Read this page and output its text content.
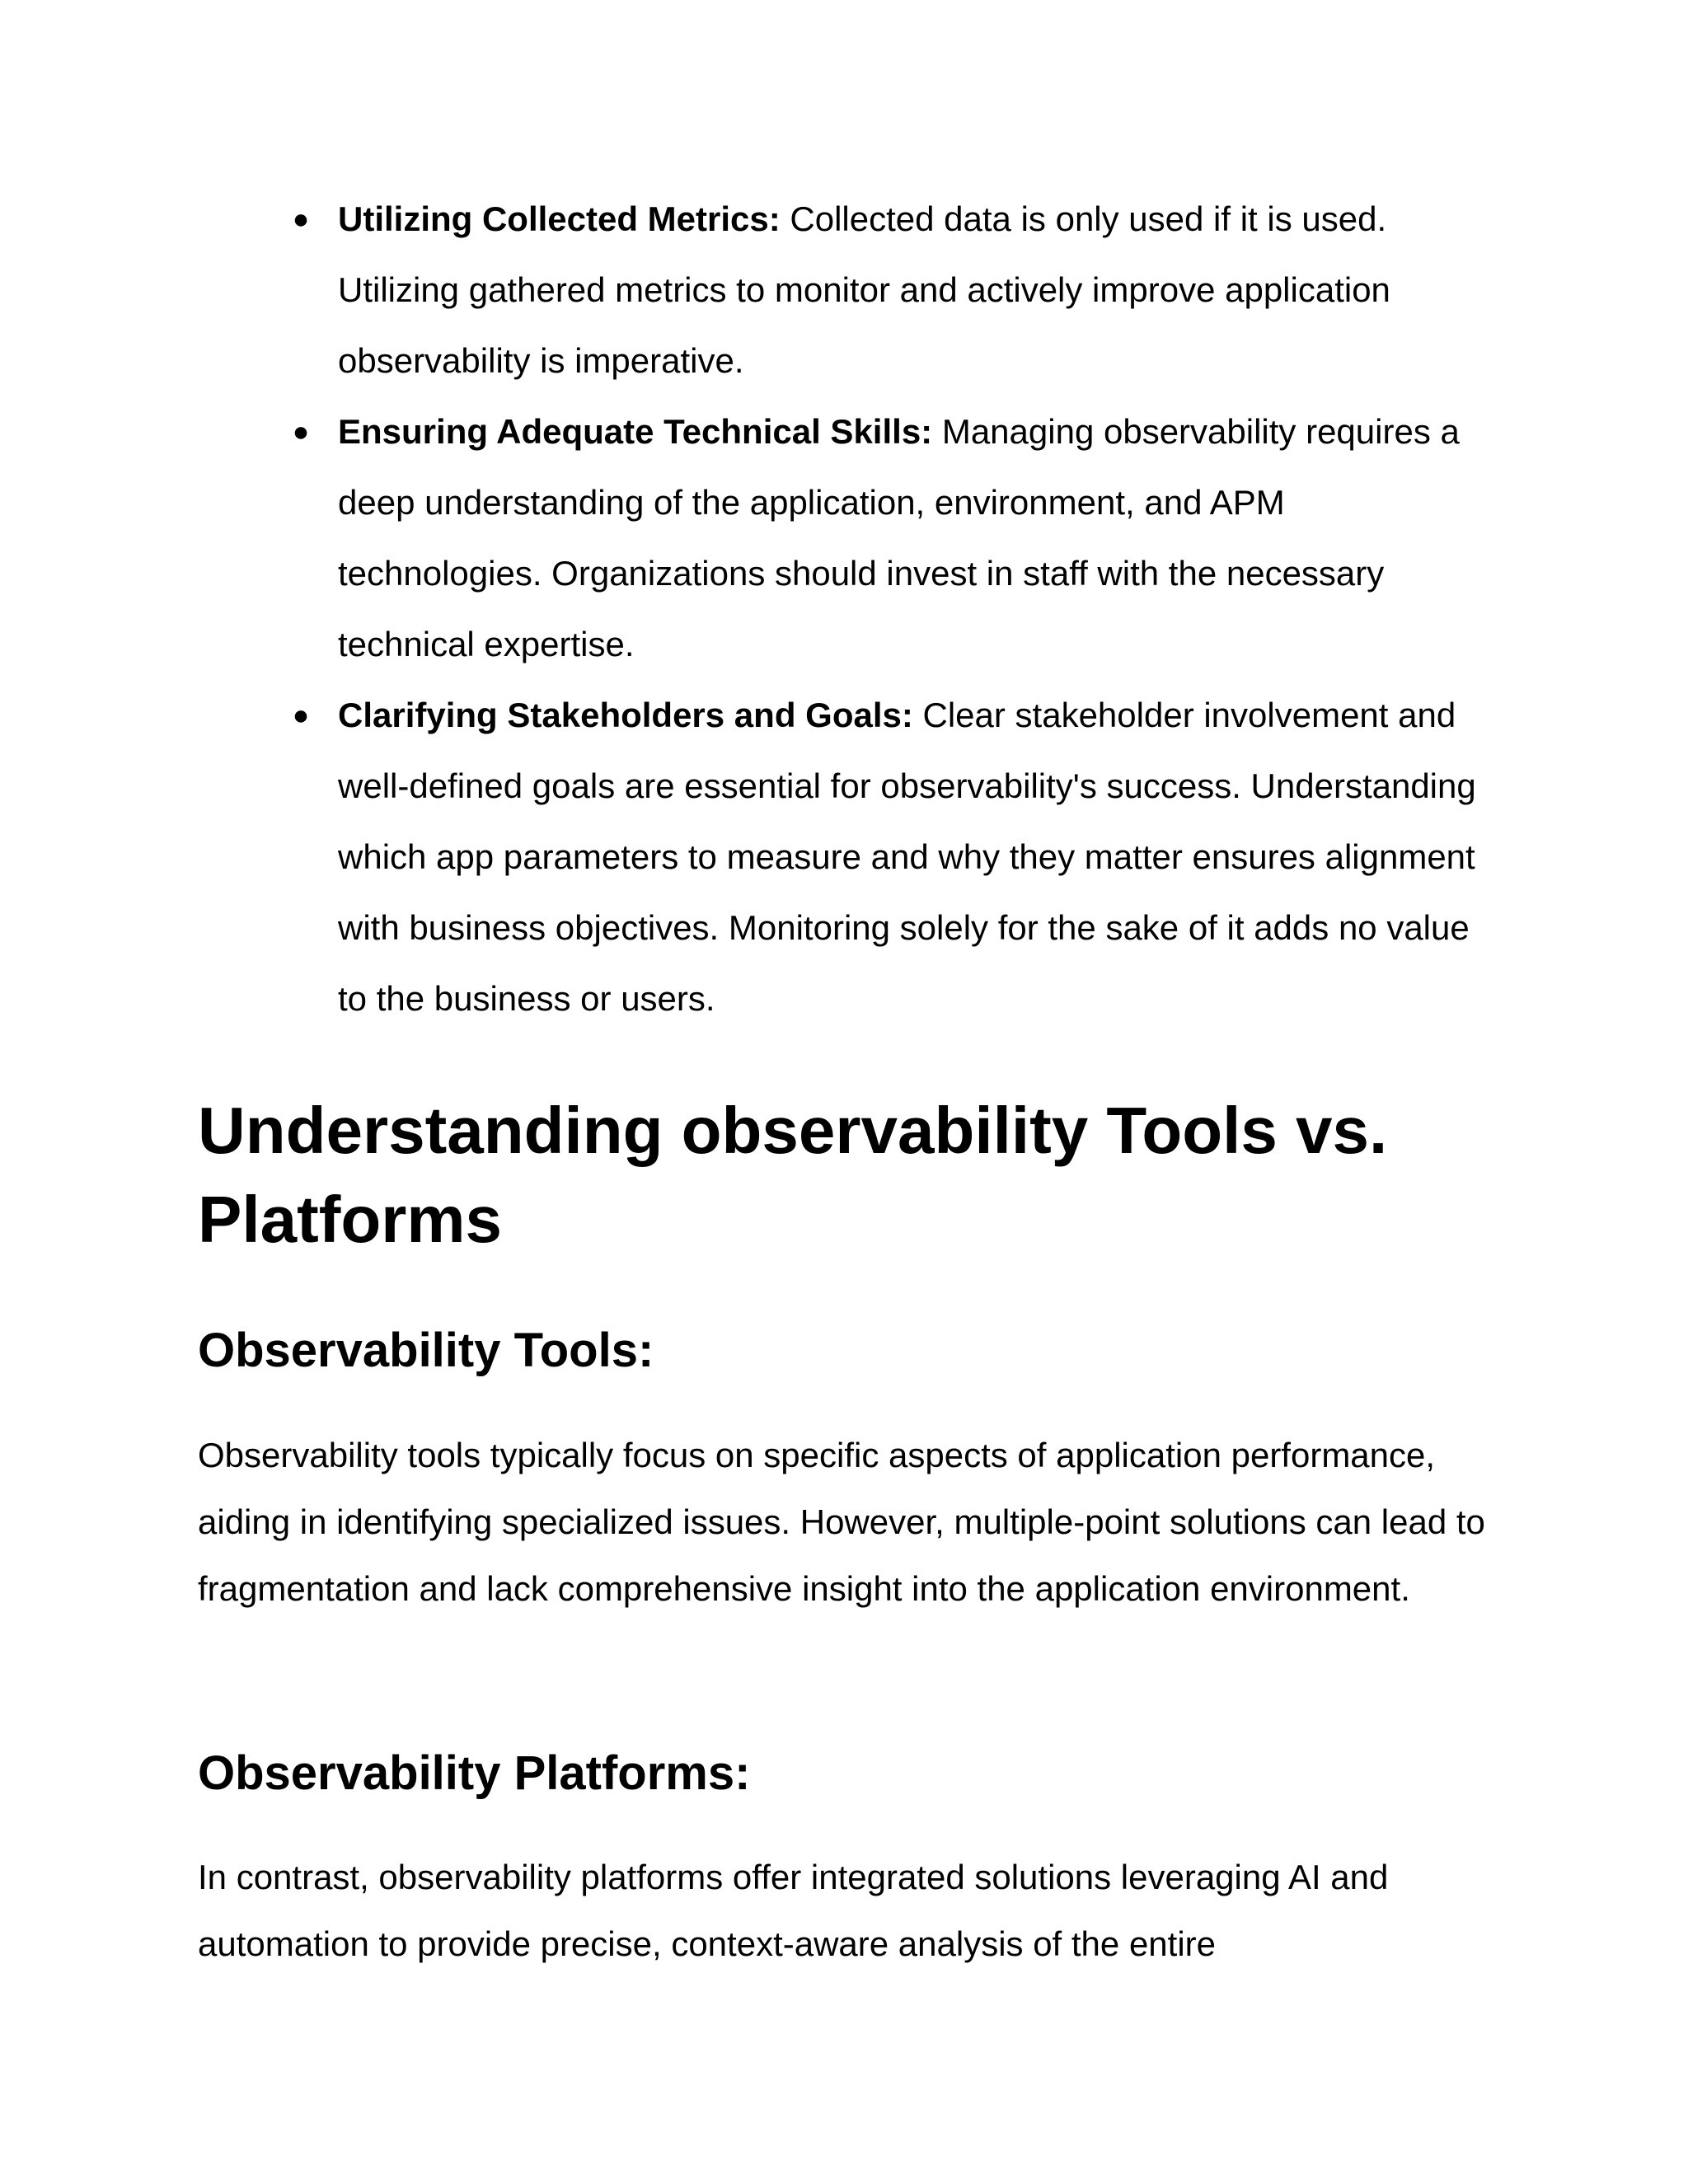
● Utilizing Collected Metrics: Collected data is only used if it is used. Utilizing gathered metrics to monitor and actively improve application observability is imperative.
● Ensuring Adequate Technical Skills: Managing observability requires a deep understanding of the application, environment, and APM technologies. Organizations should invest in staff with the necessary technical expertise.
● Clarifying Stakeholders and Goals: Clear stakeholder involvement and well-defined goals are essential for observability's success. Understanding which app parameters to measure and why they matter ensures alignment with business objectives. Monitoring solely for the sake of it adds no value to the business or users.
Understanding observability Tools vs. Platforms
Observability Tools:

Observability tools typically focus on specific aspects of application performance, aiding in identifying specialized issues. However, multiple-point solutions can lead to fragmentation and lack comprehensive insight into the application environment.

Observability Platforms:

In contrast, observability platforms offer integrated solutions leveraging AI and automation to provide precise, context-aware analysis of the entire
